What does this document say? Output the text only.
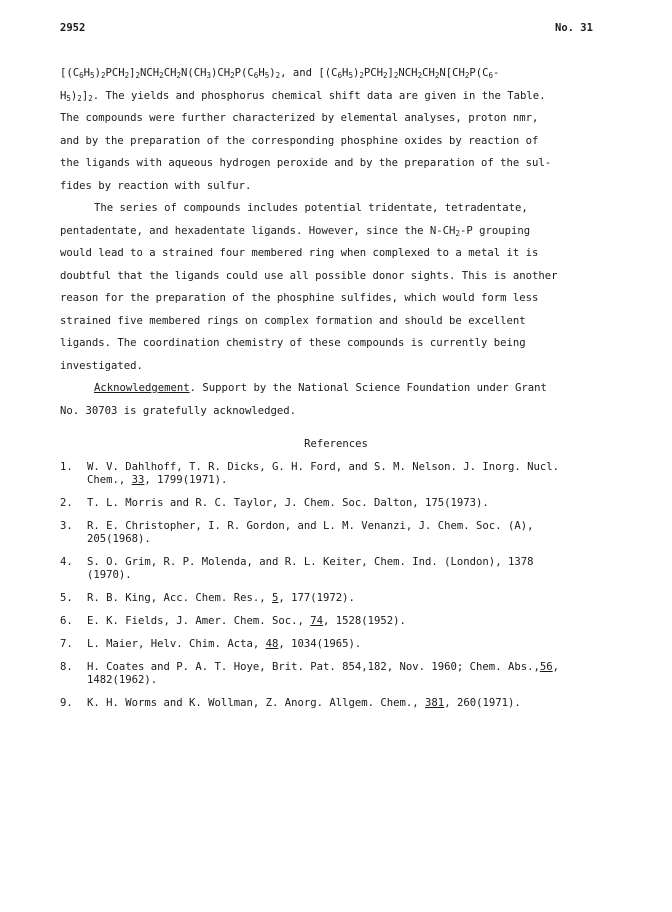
2952	No. 31
$[(C_6H_5)_2PCH_2]_2NCH_2CH_2N(CH_3)CH_2P(C_6H_5)_2$, and $[(C_6H_5)_2PCH_2]_2NCH_2CH_2N[CH_2P(C_6-$
$H_5)_2]_2$. The yields and phosphorus chemical shift data are given in the Table.
The compounds were further characterized by elemental analyses, proton nmr,
and by the preparation of the corresponding phosphine oxides by reaction of
the ligands with aqueous hydrogen peroxide and by the preparation of the sul-
fides by reaction with sulfur.
The series of compounds includes potential tridentate, tetradentate,
pentadentate, and hexadentate ligands. However, since the $N-CH_2-P$ grouping
would lead to a strained four membered ring when complexed to a metal it is
doubtful that the ligands could use all possible donor sights. This is another
reason for the preparation of the phosphine sulfides, which would form less
strained five membered rings on complex formation and should be excellent
ligands. The coordination chemistry of these compounds is currently being
investigated.
Acknowledgement. Support by the National Science Foundation under Grant
No. 30703 is gratefully acknowledged.
References
1. W. V. Dahlhoff, T. R. Dicks, G. H. Ford, and S. M. Nelson. J. Inorg. Nucl.
Chem., 33, 1799(1971).
2. T. L. Morris and R. C. Taylor, J. Chem. Soc. Dalton, 175(1973).
3. R. E. Christopher, I. R. Gordon, and L. M. Venanzi, J. Chem. Soc. (A),
205(1968).
4. S. O. Grim, R. P. Molenda, and R. L. Keiter, Chem. Ind. (London), 1378
(1970).
5. R. B. King, Acc. Chem. Res., 5, 177(1972).
6. E. K. Fields, J. Amer. Chem. Soc., 74, 1528(1952).
7. L. Maier, Helv. Chim. Acta, 48, 1034(1965).
8. H. Coates and P. A. T. Hoye, Brit. Pat. 854,182, Nov. 1960; Chem. Abs.,56,
1482(1962).
9. K. H. Worms and K. Wollman, Z. Anorg. Allgem. Chem., 381, 260(1971).
